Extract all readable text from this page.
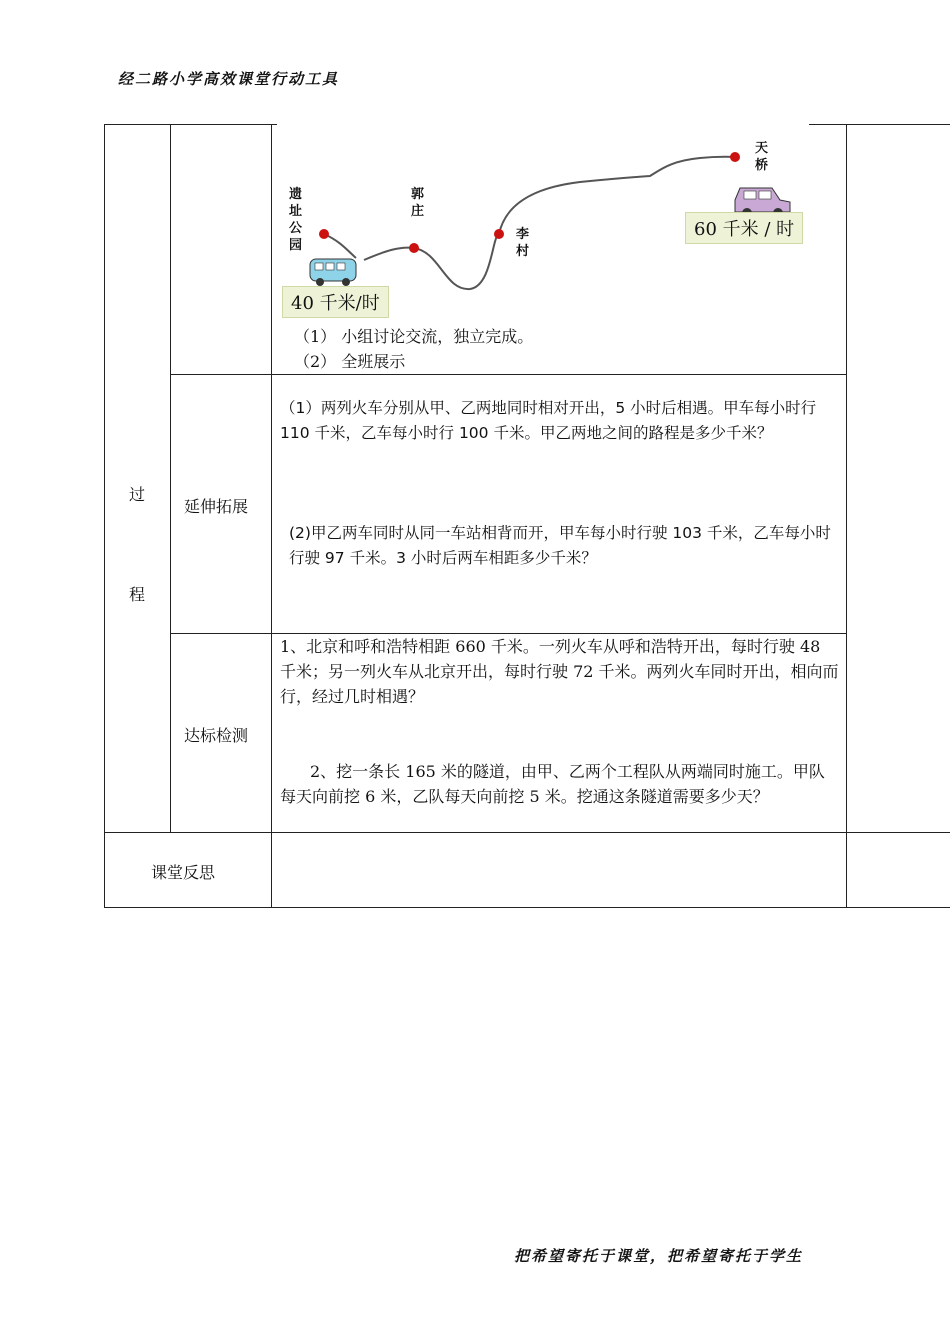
经二路小学高效课堂行动工具
把希望寄托于课堂，把希望寄托于学生
过
程
遗址公园
郭庄
李村
天桥
40 千米/时
60 千米 / 时
（1） 小组讨论交流，独立完成。
（2） 全班展示
延伸拓展
（1）两列火车分别从甲、乙两地同时相对开出，5 小时后相遇。甲车每小时行 110 千米，乙车每小时行 100 千米。甲乙两地之间的路程是多少千米？
(2)甲乙两车同时从同一车站相背而开，甲车每小时行驶 103 千米，乙车每小时行驶 97 千米。3 小时后两车相距多少千米？
达标检测
1、北京和呼和浩特相距 660 千米。一列火车从呼和浩特开出，每时行驶 48 千米；另一列火车从北京开出，每时行驶 72 千米。两列火车同时开出，相向而行，经过几时相遇？
2、挖一条长 165 米的隧道，由甲、乙两个工程队从两端同时施工。甲队每天向前挖 6 米，乙队每天向前挖 5 米。挖通这条隧道需要多少天？
课堂反思
